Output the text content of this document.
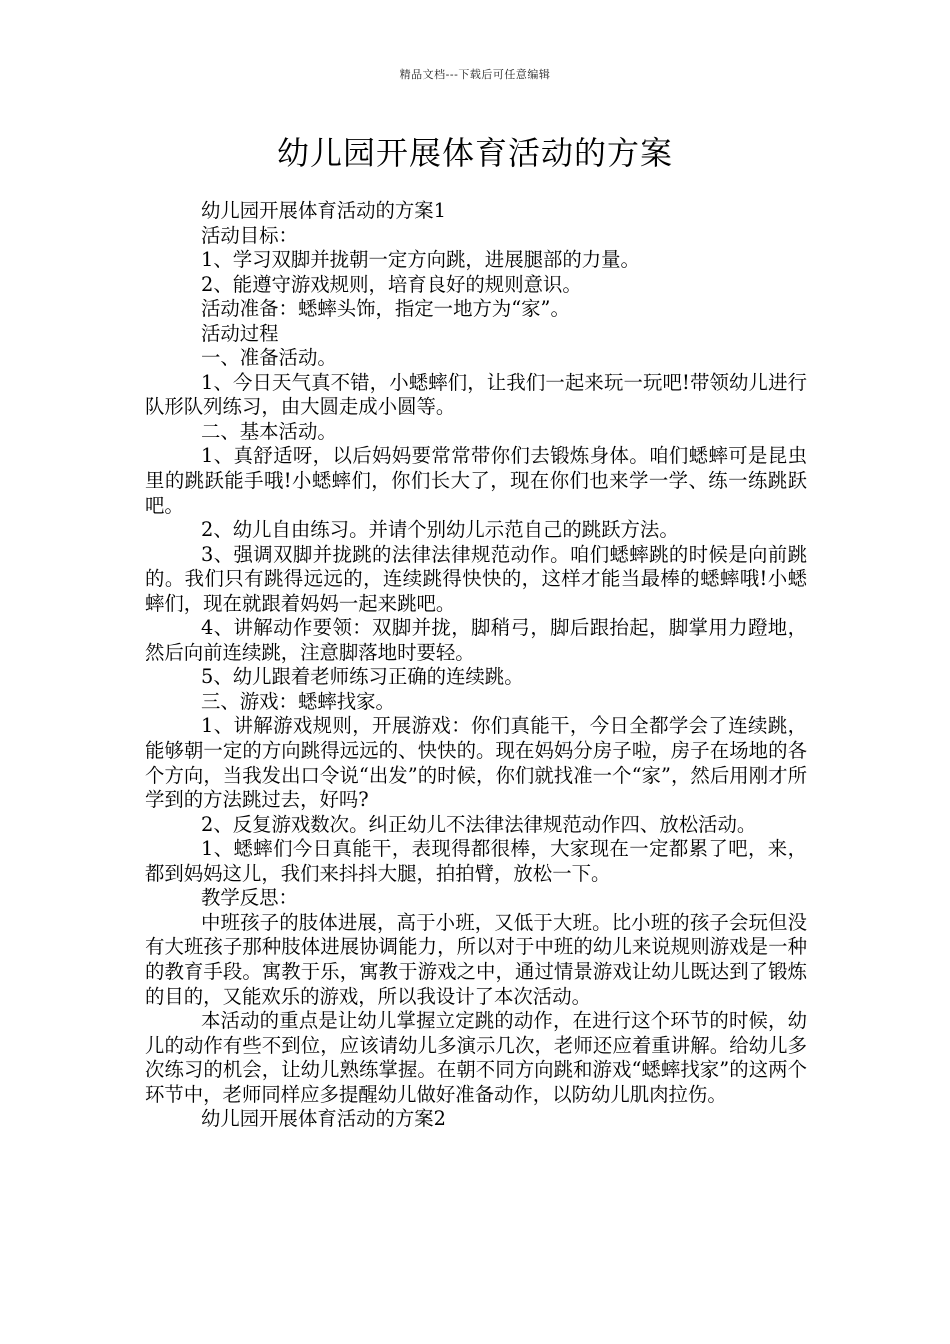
精品文档---下载后可任意编辑
幼儿园开展体育活动的方案

幼儿园开展体育活动的方案1

活动目标：

1、学习双脚并拢朝一定方向跳，进展腿部的力量。

2、能遵守游戏规则，培育良好的规则意识。

活动准备：蟋蟀头饰，指定一地方为“家”。

活动过程

一、准备活动。

1、今日天气真不错，小蟋蟀们，让我们一起来玩一玩吧!带领幼儿进行队形队列练习，由大圆走成小圆等。

二、基本活动。

1、真舒适呀，以后妈妈要常常带你们去锻炼身体。咱们蟋蟀可是昆虫里的跳跃能手哦!小蟋蟀们，你们长大了，现在你们也来学一学、练一练跳跃吧。

2、幼儿自由练习。并请个别幼儿示范自己的跳跃方法。

3、强调双脚并拢跳的法律法律规范动作。咱们蟋蟀跳的时候是向前跳的。我们只有跳得远远的，连续跳得快快的，这样才能当最棒的蟋蟀哦!小蟋蟀们，现在就跟着妈妈一起来跳吧。

4、讲解动作要领：双脚并拢，脚稍弓，脚后跟抬起，脚掌用力蹬地，然后向前连续跳，注意脚落地时要轻。

5、幼儿跟着老师练习正确的连续跳。

三、游戏：蟋蟀找家。

1、讲解游戏规则，开展游戏：你们真能干，今日全都学会了连续跳，能够朝一定的方向跳得远远的、快快的。现在妈妈分房子啦，房子在场地的各个方向，当我发出口令说“出发”的时候，你们就找准一个“家”，然后用刚才所学到的方法跳过去，好吗?

2、反复游戏数次。纠正幼儿不法律法律规范动作四、放松活动。

1、蟋蟀们今日真能干，表现得都很棒，大家现在一定都累了吧，来，都到妈妈这儿，我们来抖抖大腿，拍拍臂，放松一下。

教学反思：

中班孩子的肢体进展，高于小班，又低于大班。比小班的孩子会玩但没有大班孩子那种肢体进展协调能力，所以对于中班的幼儿来说规则游戏是一种的教育手段。寓教于乐，寓教于游戏之中，通过情景游戏让幼儿既达到了锻炼的目的，又能欢乐的游戏，所以我设计了本次活动。

本活动的重点是让幼儿掌握立定跳的动作，在进行这个环节的时候，幼儿的动作有些不到位，应该请幼儿多演示几次，老师还应着重讲解。给幼儿多次练习的机会，让幼儿熟练掌握。在朝不同方向跳和游戏“蟋蟀找家”的这两个环节中，老师同样应多提醒幼儿做好准备动作，以防幼儿肌肉拉伤。

幼儿园开展体育活动的方案2
